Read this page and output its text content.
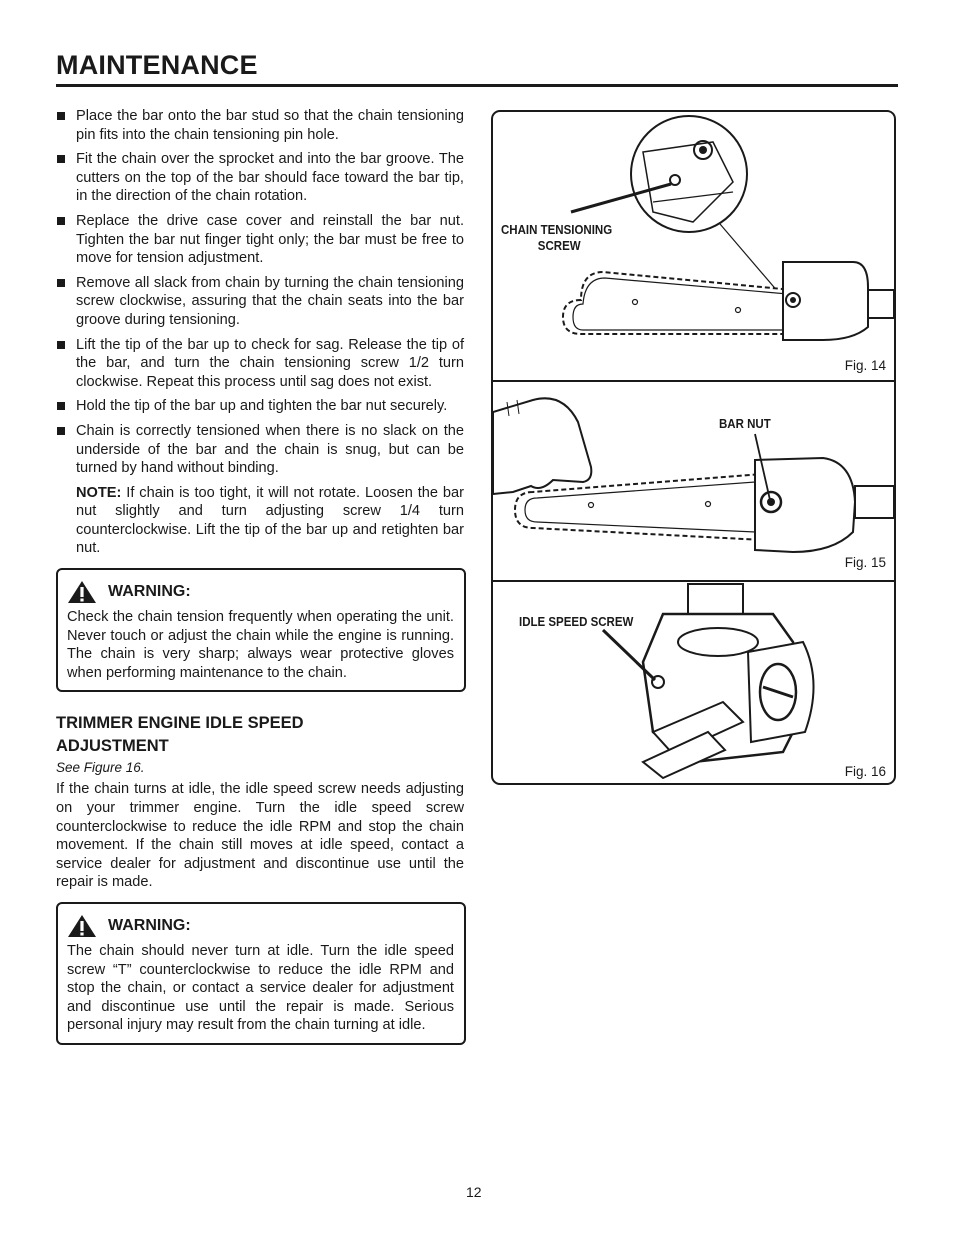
MAINTENANCE
Place the bar onto the bar stud so that the chain tensioning pin fits into the chain tensioning pin hole.
Fit the chain over the sprocket and into the bar groove. The cutters on the top of the bar should face toward the bar tip, in the direction of the chain rotation.
Replace the drive case cover and reinstall the bar nut. Tighten the bar nut finger tight only; the bar must be free to move for tension adjustment.
Remove all slack from chain by turning the chain tensioning screw clockwise, assuring that the chain seats into the bar groove during tensioning.
Lift the tip of the bar up to check for sag. Release the tip of the bar, and turn the chain tensioning screw 1/2 turn clockwise. Repeat this process until sag does not exist.
Hold the tip of the bar up and tighten the bar nut securely.
Chain is correctly tensioned when there is no slack on the underside of the bar and the chain is snug, but can be turned by hand without binding.
NOTE: If chain is too tight, it will not rotate. Loosen the bar nut slightly and turn adjusting screw 1/4 turn counterclockwise. Lift the tip of the bar up and retighten bar nut.
WARNING:
Check the chain tension frequently when operating the unit. Never touch or adjust the chain while the engine is running. The chain is very sharp; always wear protective gloves when performing maintenance to the chain.
TRIMMER ENGINE IDLE SPEED
ADJUSTMENT
See Figure 16.
If the chain turns at idle, the idle speed screw needs adjusting on your trimmer engine. Turn the idle speed screw counterclockwise to reduce the idle RPM and stop the chain movement. If the chain still moves at idle speed, contact a service dealer for adjustment and discontinue use until the repair is made.
WARNING:
The chain should never turn at idle. Turn the idle speed screw “T” counterclockwise to reduce the idle RPM and stop the chain, or contact a service dealer for adjustment and discontinue use until the repair is made. Serious personal injury may result from the chain turning at idle.
CHAIN TENSIONING
SCREW
Fig. 14
BAR NUT
Fig. 15
IDLE SPEED SCREW
Fig. 16
12
